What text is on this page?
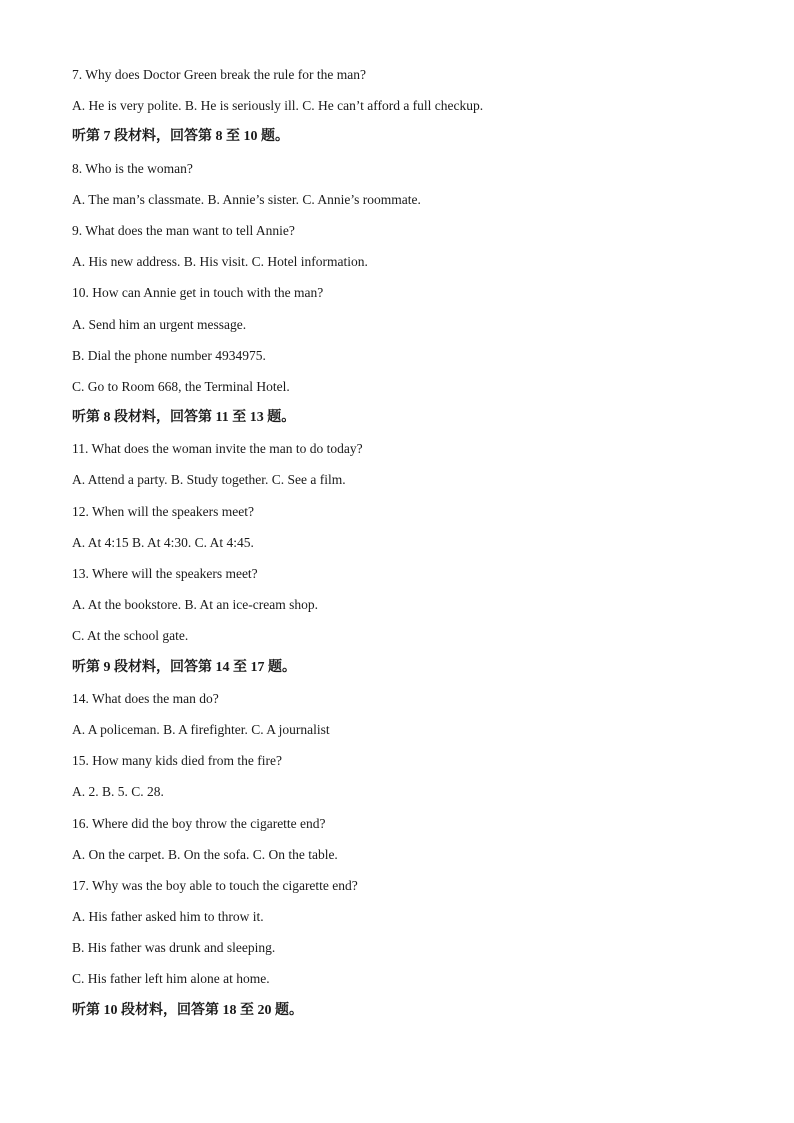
7. Why does Doctor Green break the rule for the man?
A. He is very polite. B. He is seriously ill. C. He can’t afford a full checkup.
听第 7 段材料，回答第 8 至 10 题。
8. Who is the woman?
A. The man’s classmate. B. Annie’s sister. C. Annie’s roommate.
9. What does the man want to tell Annie?
A. His new address. B. His visit. C. Hotel information.
10. How can Annie get in touch with the man?
A. Send him an urgent message.
B. Dial the phone number 4934975.
C. Go to Room 668, the Terminal Hotel.
听第 8 段材料，回答第 11 至 13 题。
11. What does the woman invite the man to do today?
A. Attend a party. B. Study together. C. See a film.
12. When will the speakers meet?
A. At 4:15 B. At 4:30. C. At 4:45.
13. Where will the speakers meet?
A. At the bookstore. B. At an ice-cream shop.
C. At the school gate.
听第 9 段材料，回答第 14 至 17 题。
14. What does the man do?
A. A policeman. B. A firefighter. C. A journalist
15. How many kids died from the fire?
A. 2. B. 5. C. 28.
16. Where did the boy throw the cigarette end?
A. On the carpet. B. On the sofa. C. On the table.
17. Why was the boy able to touch the cigarette end?
A. His father asked him to throw it.
B. His father was drunk and sleeping.
C. His father left him alone at home.
听第 10 段材料，回答第 18 至 20 题。
